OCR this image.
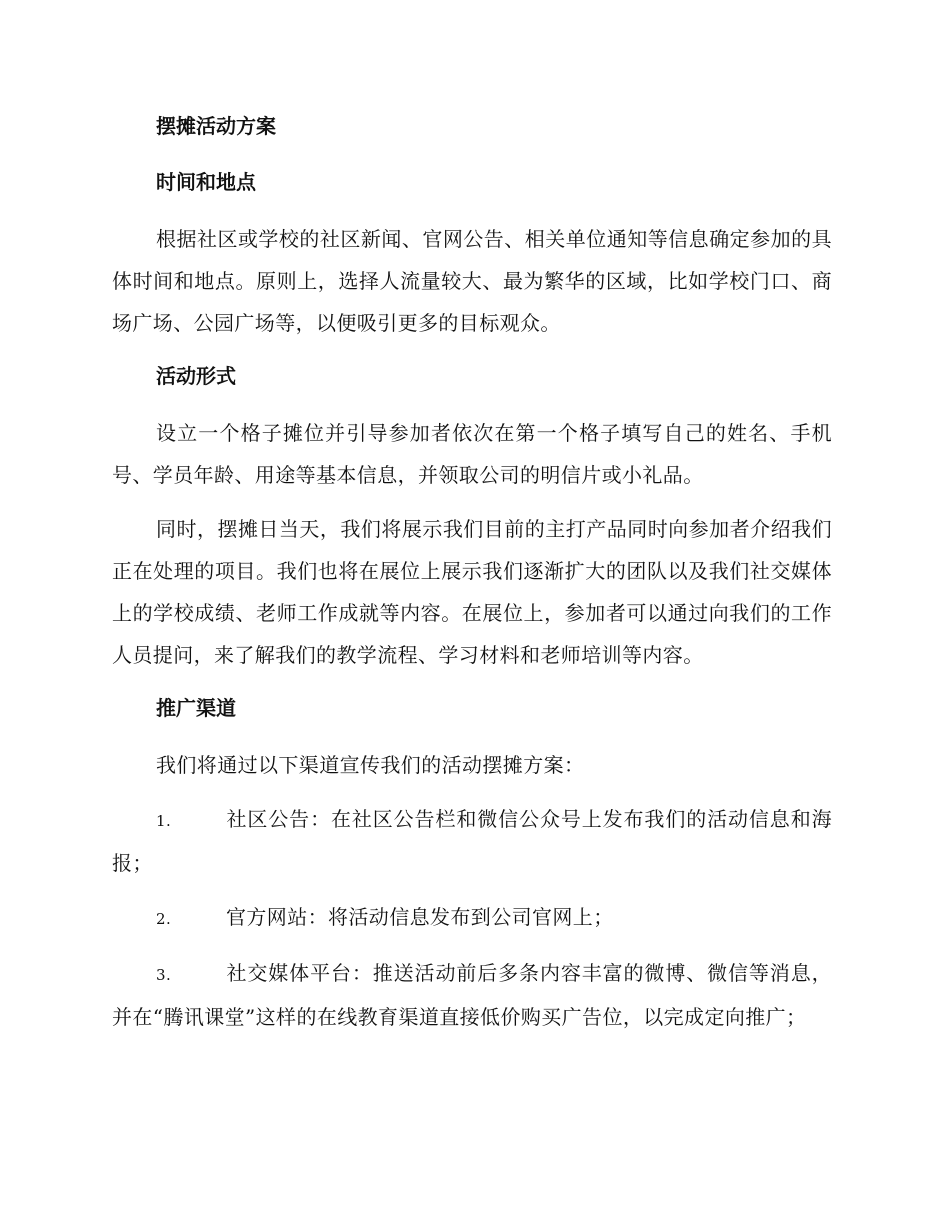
摆摊活动方案
时间和地点

根据社区或学校的社区新闻、官网公告、相关单位通知等信息确定参加的具体时间和地点。原则上，选择人流量较大、最为繁华的区域，比如学校门口、商场广场、公园广场等，以便吸引更多的目标观众。

活动形式

设立一个格子摊位并引导参加者依次在第一个格子填写自己的姓名、手机号、学员年龄、用途等基本信息，并领取公司的明信片或小礼品。

同时，摆摊日当天，我们将展示我们目前的主打产品同时向参加者介绍我们正在处理的项目。我们也将在展位上展示我们逐渐扩大的团队以及我们社交媒体上的学校成绩、老师工作成就等内容。在展位上，参加者可以通过向我们的工作人员提问，来了解我们的教学流程、学习材料和老师培训等内容。

推广渠道

我们将通过以下渠道宣传我们的活动摆摊方案：

1.	社区公告：在社区公告栏和微信公众号上发布我们的活动信息和海报；

2.	官方网站：将活动信息发布到公司官网上；

3.	社交媒体平台：推送活动前后多条内容丰富的微博、微信等消息，并在“腾讯课堂”这样的在线教育渠道直接低价购买广告位，以完成定向推广；
